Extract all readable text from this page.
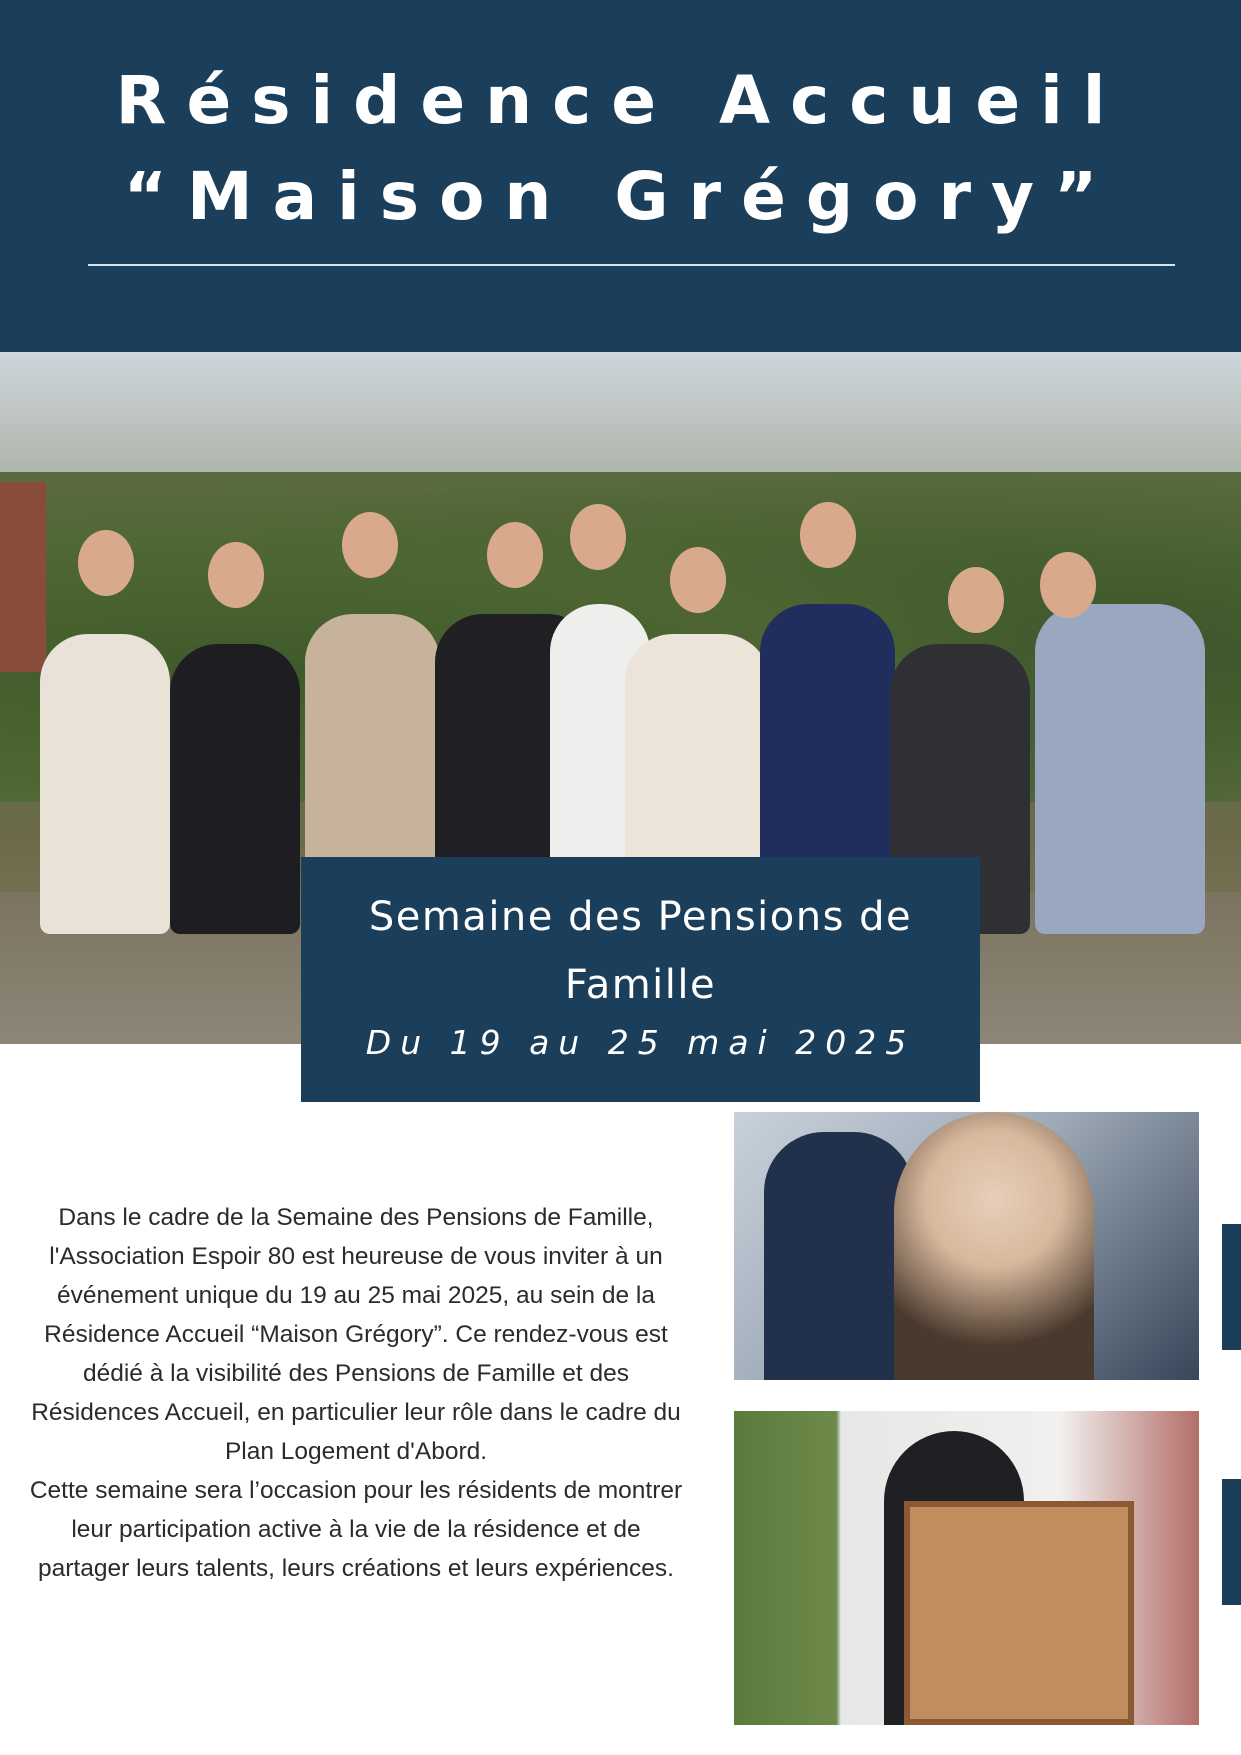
Résidence Accueil
“Maison Grégory”
Semaine des Pensions de Famille
Du 19 au 25 mai 2025

Dans le cadre de la Semaine des Pensions de Famille, l'Association Espoir 80 est heureuse de vous inviter à un événement unique du 19 au 25 mai 2025, au sein de la Résidence Accueil “Maison Grégory”. Ce rendez-vous est dédié à la visibilité des Pensions de Famille et des Résidences Accueil, en particulier leur rôle dans le cadre du Plan Logement d'Abord.

Cette semaine sera l’occasion pour les résidents de montrer leur participation active à la vie de la résidence et de partager leurs talents, leurs créations et leurs expériences.
